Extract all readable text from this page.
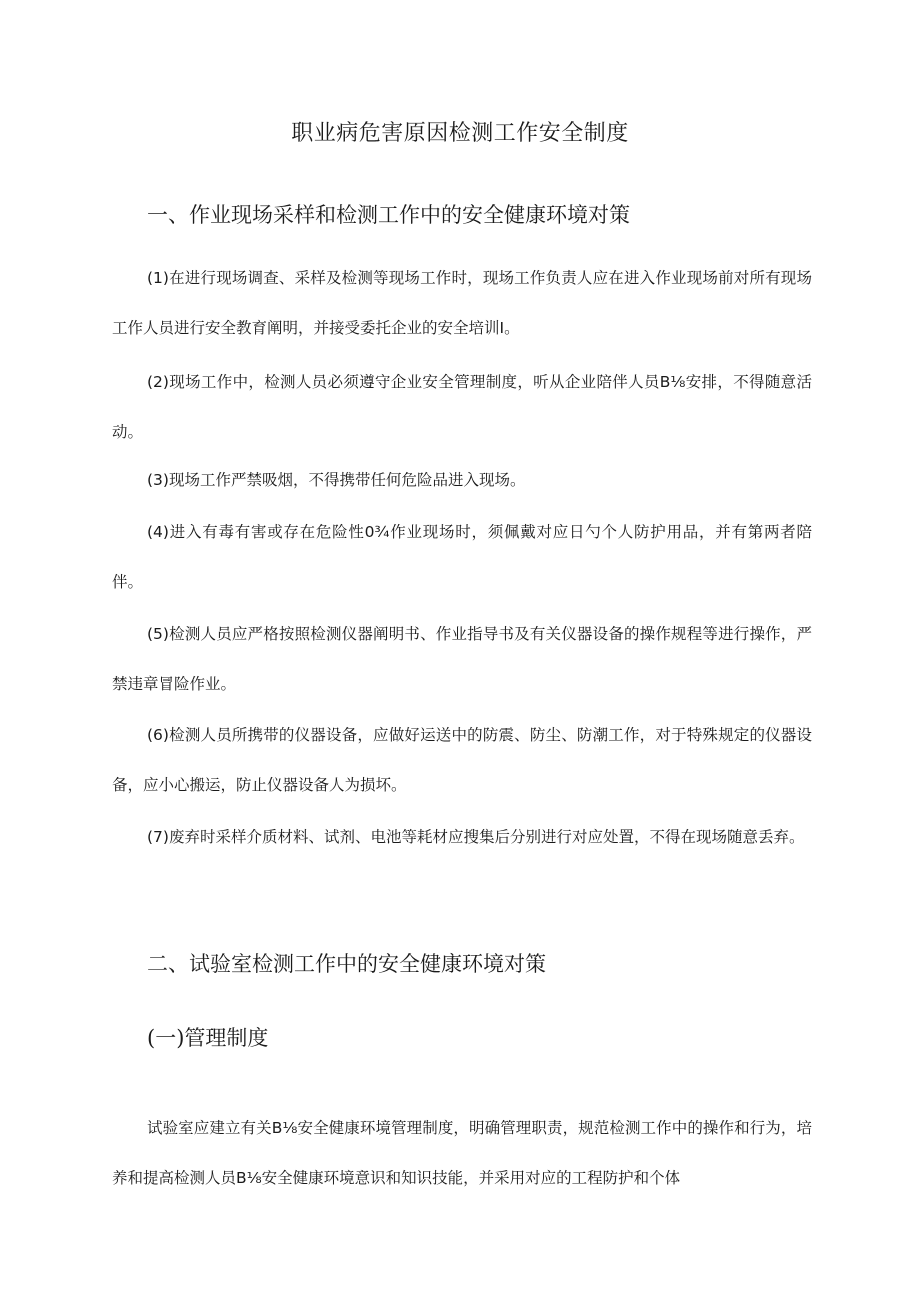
职业病危害原因检测工作安全制度
一、作业现场采样和检测工作中的安全健康环境对策

(1)在进行现场调查、采样及检测等现场工作时，现场工作负责人应在进入作业现场前对所有现场工作人员进行安全教育阐明，并接受委托企业的安全培训I。

(2)现场工作中，检测人员必须遵守企业安全管理制度，听从企业陪伴人员B⅛安排，不得随意活动。

(3)现场工作严禁吸烟，不得携带任何危险品进入现场。

(4)进入有毒有害或存在危险性0¾作业现场时，须佩戴对应日勺个人防护用品，并有第两者陪伴。

(5)检测人员应严格按照检测仪器阐明书、作业指导书及有关仪器设备的操作规程等进行操作，严禁违章冒险作业。

(6)检测人员所携带的仪器设备，应做好运送中的防震、防尘、防潮工作，对于特殊规定的仪器设备，应小心搬运，防止仪器设备人为损坏。

(7)废弃时采样介质材料、试剂、电池等耗材应搜集后分别进行对应处置，不得在现场随意丢弃。

二、试验室检测工作中的安全健康环境对策
(一)管理制度

试验室应建立有关B⅛安全健康环境管理制度，明确管理职责，规范检测工作中的操作和行为，培养和提高检测人员B⅛安全健康环境意识和知识技能，并采用对应的工程防护和个体
